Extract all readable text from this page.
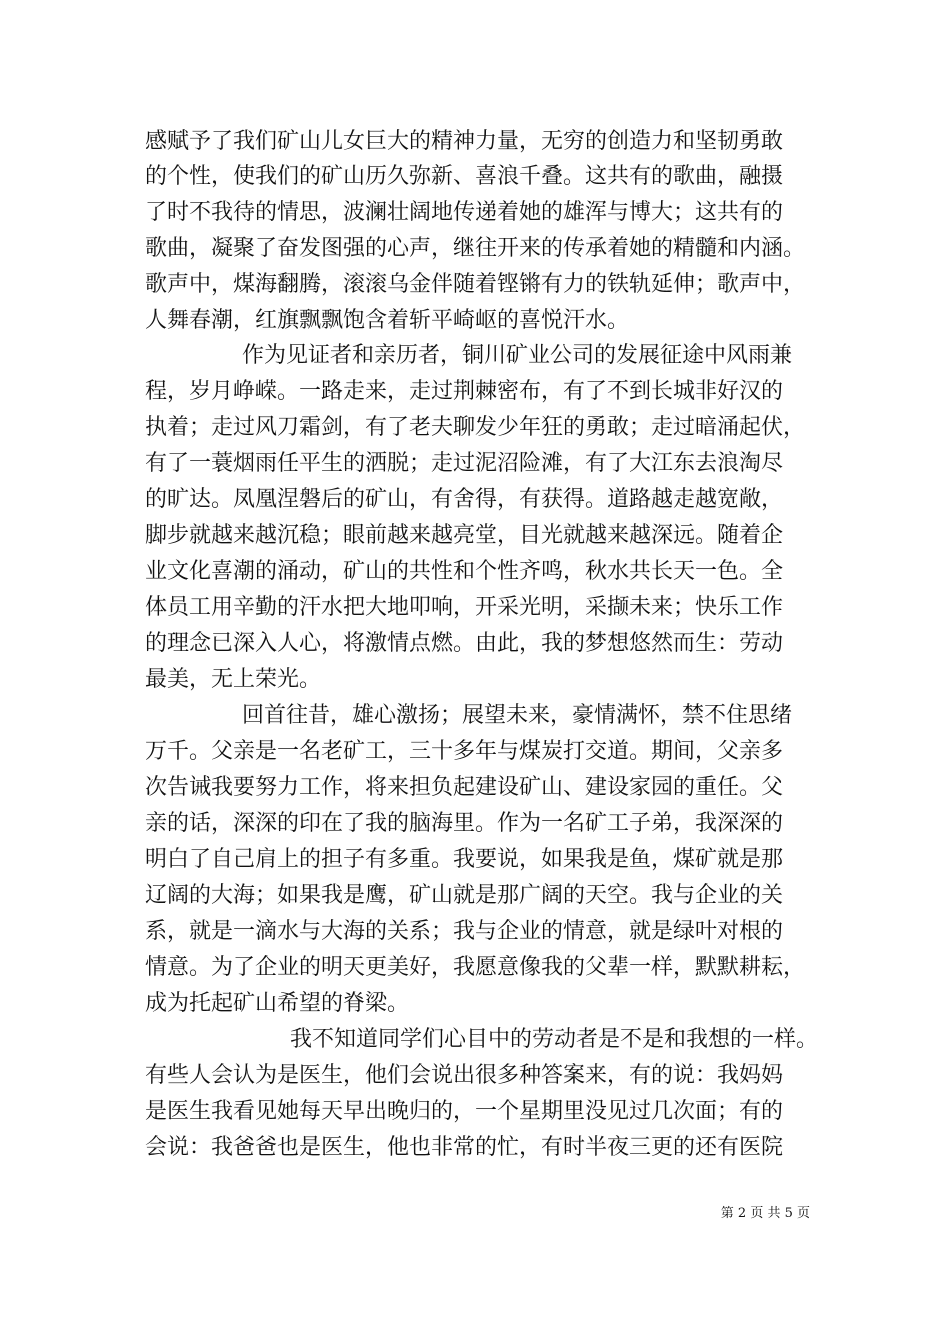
感赋予了我们矿山儿女巨大的精神力量，无穷的创造力和坚韧勇敢
的个性，使我们的矿山历久弥新、喜浪千叠。这共有的歌曲，融摄
了时不我待的情思，波澜壮阔地传递着她的雄浑与博大；这共有的
歌曲，凝聚了奋发图强的心声，继往开来的传承着她的精髓和内涵。
歌声中，煤海翻腾，滚滚乌金伴随着铿锵有力的铁轨延伸；歌声中，
人舞春潮，红旗飘飘饱含着斩平崎岖的喜悦汗水。
作为见证者和亲历者，铜川矿业公司的发展征途中风雨兼
程，岁月峥嵘。一路走来，走过荆棘密布，有了不到长城非好汉的
执着；走过风刀霜剑，有了老夫聊发少年狂的勇敢；走过暗涌起伏，
有了一蓑烟雨任平生的洒脱；走过泥沼险滩，有了大江东去浪淘尽
的旷达。凤凰涅磐后的矿山，有舍得，有获得。道路越走越宽敞，
脚步就越来越沉稳；眼前越来越亮堂，目光就越来越深远。随着企
业文化喜潮的涌动，矿山的共性和个性齐鸣，秋水共长天一色。全
体员工用辛勤的汗水把大地叩响，开采光明，采撷未来；快乐工作
的理念已深入人心，将激情点燃。由此，我的梦想悠然而生：劳动
最美，无上荣光。
回首往昔，雄心激扬；展望未来，豪情满怀，禁不住思绪
万千。父亲是一名老矿工，三十多年与煤炭打交道。期间，父亲多
次告诫我要努力工作，将来担负起建设矿山、建设家园的重任。父
亲的话，深深的印在了我的脑海里。作为一名矿工子弟，我深深的
明白了自己肩上的担子有多重。我要说，如果我是鱼，煤矿就是那
辽阔的大海；如果我是鹰，矿山就是那广阔的天空。我与企业的关
系，就是一滴水与大海的关系；我与企业的情意，就是绿叶对根的
情意。为了企业的明天更美好，我愿意像我的父辈一样，默默耕耘，
成为托起矿山希望的脊梁。
我不知道同学们心目中的劳动者是不是和我想的一样。
有些人会认为是医生，他们会说出很多种答案来，有的说：我妈妈
是医生我看见她每天早出晚归的，一个星期里没见过几次面；有的
会说：我爸爸也是医生，他也非常的忙，有时半夜三更的还有医院
第 2 页 共 5 页
